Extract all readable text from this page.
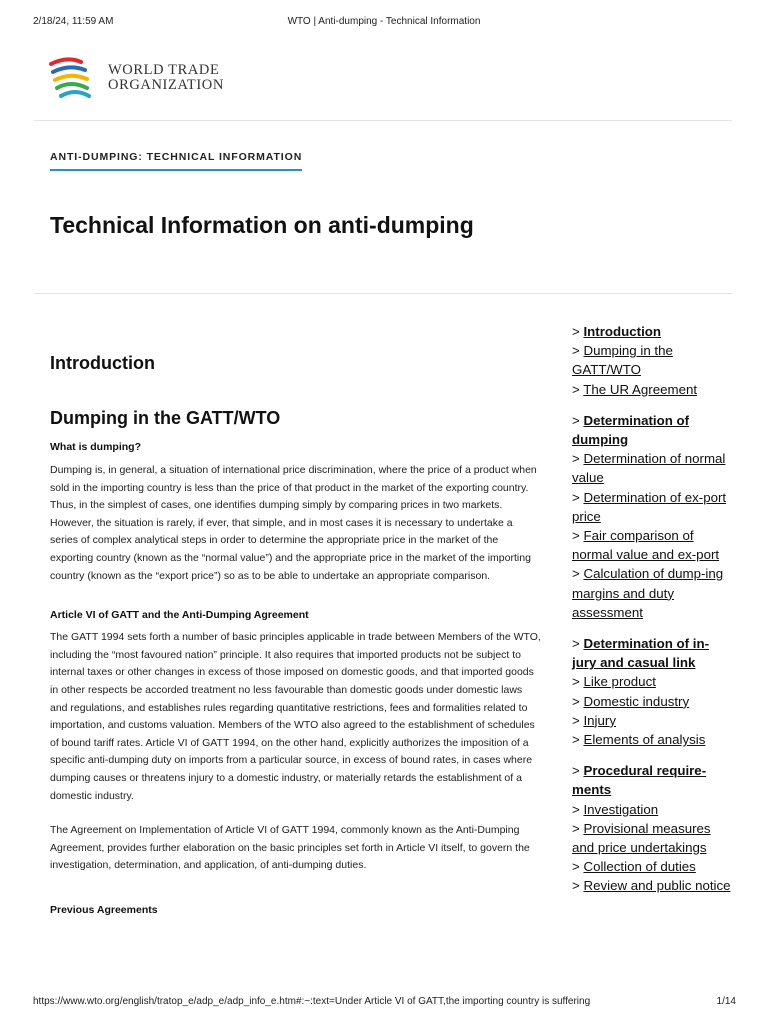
2/18/24, 11:59 AM	WTO | Anti-dumping - Technical Information
WORLD TRADE
ORGANIZATION
ANTI-DUMPING: TECHNICAL INFORMATION
Technical Information on anti-dumping
Introduction
Dumping in the GATT/WTO

What is dumping?

Dumping is, in general, a situation of international price discrimination, where the price of a product when sold in the importing country is less than the price of that product in the market of the exporting country. Thus, in the simplest of cases, one identifies dumping simply by comparing prices in two markets. However, the situation is rarely, if ever, that simple, and in most cases it is necessary to undertake a series of complex analytical steps in order to determine the appropriate price in the market of the exporting country (known as the “normal value”) and the appropriate price in the market of the importing country (known as the “export price”) so as to be able to undertake an appropriate comparison.

Article VI of GATT and the Anti-Dumping Agreement

The GATT 1994 sets forth a number of basic principles applicable in trade between Members of the WTO, including the “most favoured nation” principle. It also requires that imported products not be subject to internal taxes or other changes in excess of those imposed on domestic goods, and that imported goods in other respects be accorded treatment no less favourable than domestic goods under domestic laws and regulations, and establishes rules regarding quantitative restrictions, fees and formalities related to importation, and customs valuation. Members of the WTO also agreed to the establishment of schedules of bound tariff rates. Article VI of GATT 1994, on the other hand, explicitly authorizes the imposition of a specific anti-dumping duty on imports from a particular source, in excess of bound rates, in cases where dumping causes or threatens injury to a domestic industry, or materially retards the establishment of a domestic industry.

The Agreement on Implementation of Article VI of GATT 1994, commonly known as the Anti-Dumping Agreement, provides further elaboration on the basic principles set forth in Article VI itself, to govern the investigation, determination, and application, of anti-dumping duties.

Previous Agreements

> Introduction
> Dumping in the GATT/WTO
> The UR Agreement
> Determination of dumping
> Determination of normal value
> Determination of ex-port price
> Fair comparison of normal value and ex-port
> Calculation of dump-ing margins and duty assessment
> Determination of in-jury and casual link
> Like product
> Domestic industry
> Injury
> Elements of analysis
> Procedural require-ments
> Investigation
> Provisional measures and price undertakings
> Collection of duties
> Review and public notice
https://www.wto.org/english/tratop_e/adp_e/adp_info_e.htm#:~:text=Under Article VI of GATT,the importing country is suffering	1/14
